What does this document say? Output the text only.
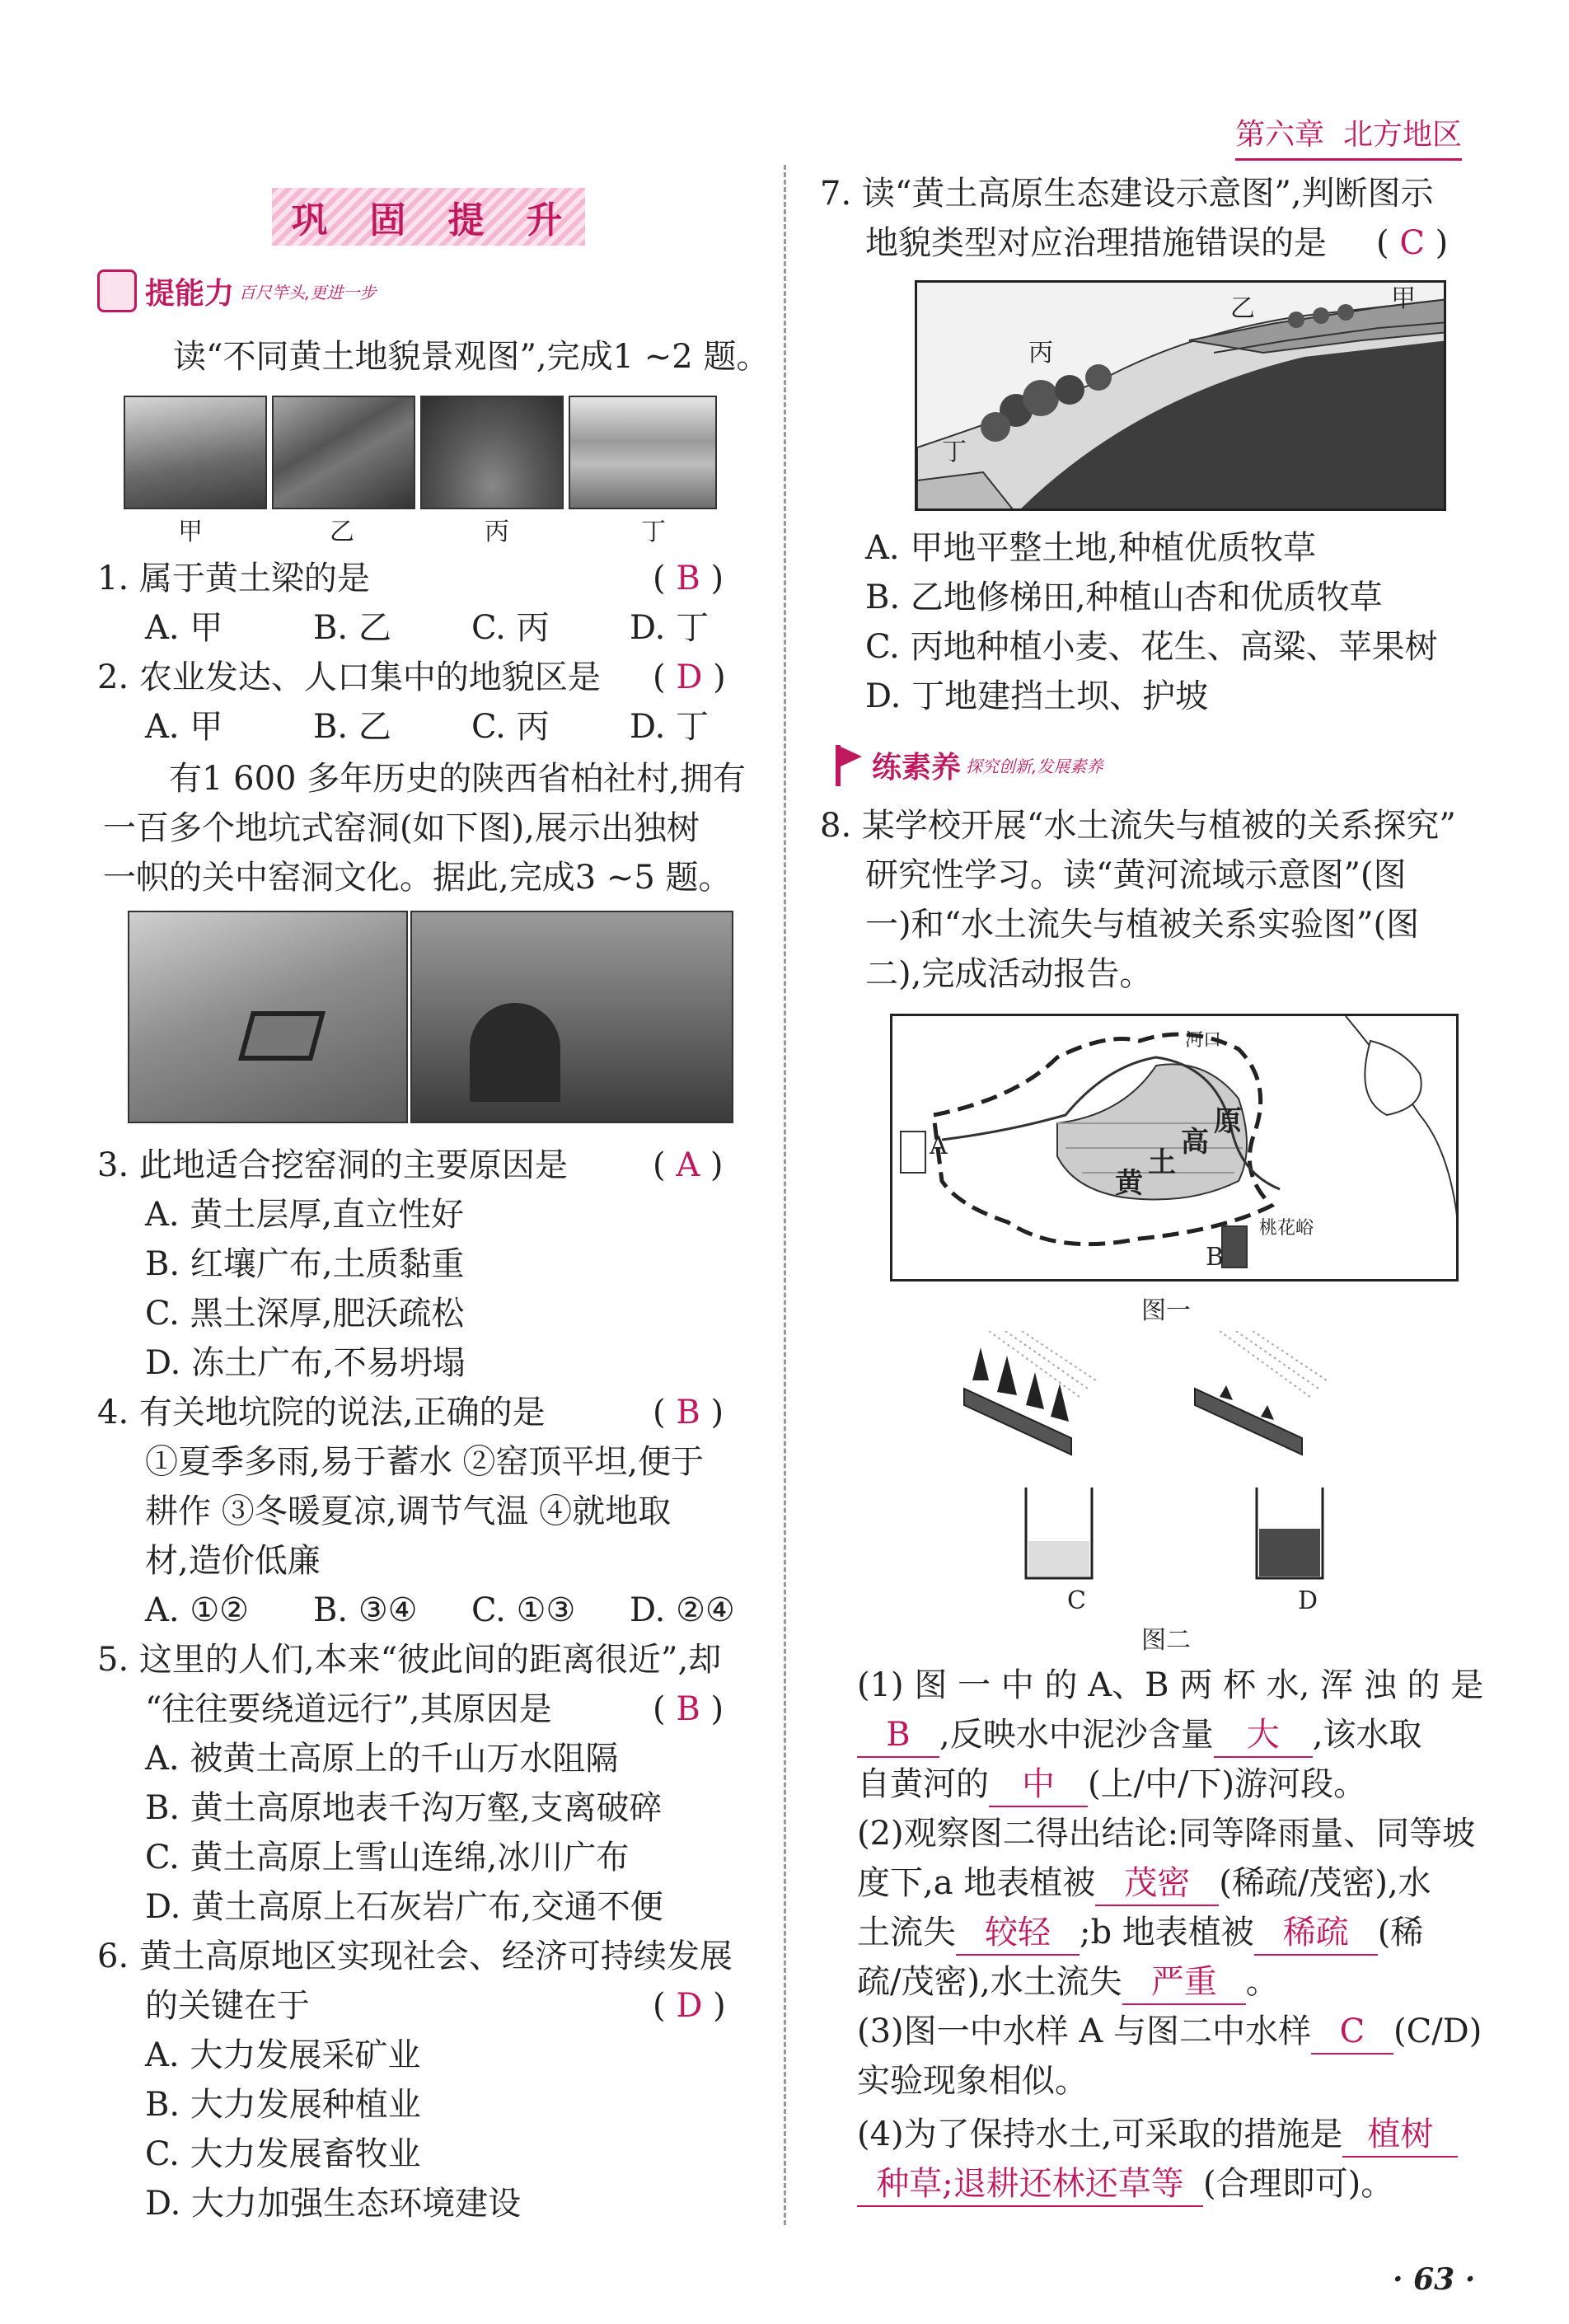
第六章 北方地区
巩 固 提 升
提能力 百尺竿头,更进一步
读“不同黄土地貌景观图”,完成1 ~2 题。
甲	乙	丙	丁
1. 属于黄土梁的是	( B )
A. 甲	B. 乙 C. 丙 D. 丁
2. 农业发达、人口集中的地貌区是 ( D )
A. 甲	B. 乙 C. 丙 D. 丁
有1 600 多年历史的陕西省柏社村,拥有
一百多个地坑式窑洞(如下图),展示出独树
一帜的关中窑洞文化。据此,完成3 ~5 题。
3. 此地适合挖窑洞的主要原因是	( A )
A. 黄土层厚,直立性好
B. 红壤广布,土质黏重
C. 黑土深厚,肥沃疏松
D. 冻土广布,不易坍塌
4. 有关地坑院的说法,正确的是	( B )
①夏季多雨,易于蓄水 ②窑顶平坦,便于
耕作 ③冬暖夏凉,调节气温 ④就地取
材,造价低廉
A. ①② B. ③④ C. ①③ D. ②④
5. 这里的人们,本来“彼此间的距离很近”,却
“往往要绕道远行”,其原因是	( B )
A. 被黄土高原上的千山万水阻隔
B. 黄土高原地表千沟万壑,支离破碎
C. 黄土高原上雪山连绵,冰川广布
D. 黄土高原上石灰岩广布,交通不便
6. 黄土高原地区实现社会、经济可持续发展
的关键在于	( D )
A. 大力发展采矿业
B. 大力发展种植业
C. 大力发展畜牧业
D. 大力加强生态环境建设
7. 读“黄土高原生态建设示意图”,判断图示
地貌类型对应治理措施错误的是 ( C )
甲
乙
丙
丁
A. 甲地平整土地,种植优质牧草
B. 乙地修梯田,种植山杏和优质牧草
C. 丙地种植小麦、花生、高粱、苹果树
D. 丁地建挡土坝、护坡
练素养 探究创新,发展素养
8. 某学校开展“水土流失与植被的关系探究”
研究性学习。读“黄河流域示意图”(图
一)和“水土流失与植被关系实验图”(图
二),完成活动报告。
河口
黄
土
高
原
桃花峪
A
B
图一
C	D
图二
(1) 图 一 中 的 A、B 两 杯 水, 浑 浊 的 是
B ,反映水中泥沙含量 大 ,该水取
自黄河的 中 (上/中/下)游河段。
(2)观察图二得出结论:同等降雨量、同等坡
度下,a 地表植被 茂密 (稀疏/茂密),水
土流失 较轻 ;b 地表植被 稀疏 (稀
疏/茂密),水土流失 严重 。
(3)图一中水样 A 与图二中水样 C (C/D)
实验现象相似。
(4)为了保持水土,可采取的措施是 植树
种草;退耕还林还草等 (合理即可)。
· 63 ·
